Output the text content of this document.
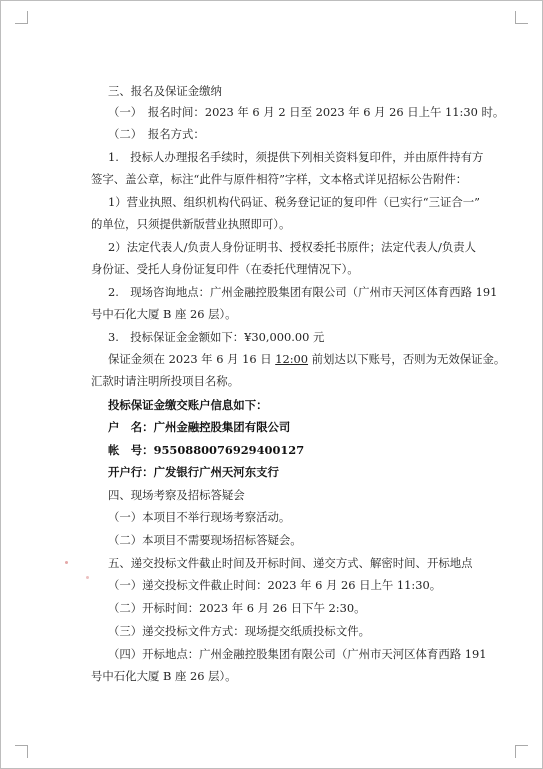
三、报名及保证金缴纳
（一）　报名时间：2023 年 6 月 2 日至 2023 年 6 月 26 日上午 11:30 时。
（二）　报名方式：
1.　投标人办理报名手续时，须提供下列相关资料复印件，并由原件持有方
签字、盖公章，标注“此件与原件相符”字样，文本格式详见招标公告附件：
1）营业执照、组织机构代码证、税务登记证的复印件（已实行“三证合一”
的单位，只须提供新版营业执照即可）。
2）法定代表人/负责人身份证明书、授权委托书原件；法定代表人/负责人
身份证、受托人身份证复印件（在委托代理情况下）。
2.　现场咨询地点：广州金融控股集团有限公司（广州市天河区体育西路 191
号中石化大厦 B 座 26 层）。
3.　投标保证金金额如下：¥30,000.00 元
保证金须在 2023 年 6 月 16 日 12:00 前划达以下账号，否则为无效保证金。
汇款时请注明所投项目名称。
投标保证金缴交账户信息如下：
户　名：广州金融控股集团有限公司
帐　号：9550880076929400127
开户行：广发银行广州天河东支行
四、现场考察及招标答疑会
（一）本项目不举行现场考察活动。
（二）本项目不需要现场招标答疑会。
五、递交投标文件截止时间及开标时间、递交方式、解密时间、开标地点
（一）递交投标文件截止时间：2023 年 6 月 26 日上午 11:30。
（二）开标时间：2023 年 6 月 26 日下午 2:30。
（三）递交投标文件方式：现场提交纸质投标文件。
（四）开标地点：广州金融控股集团有限公司（广州市天河区体育西路 191
号中石化大厦 B 座 26 层）。
